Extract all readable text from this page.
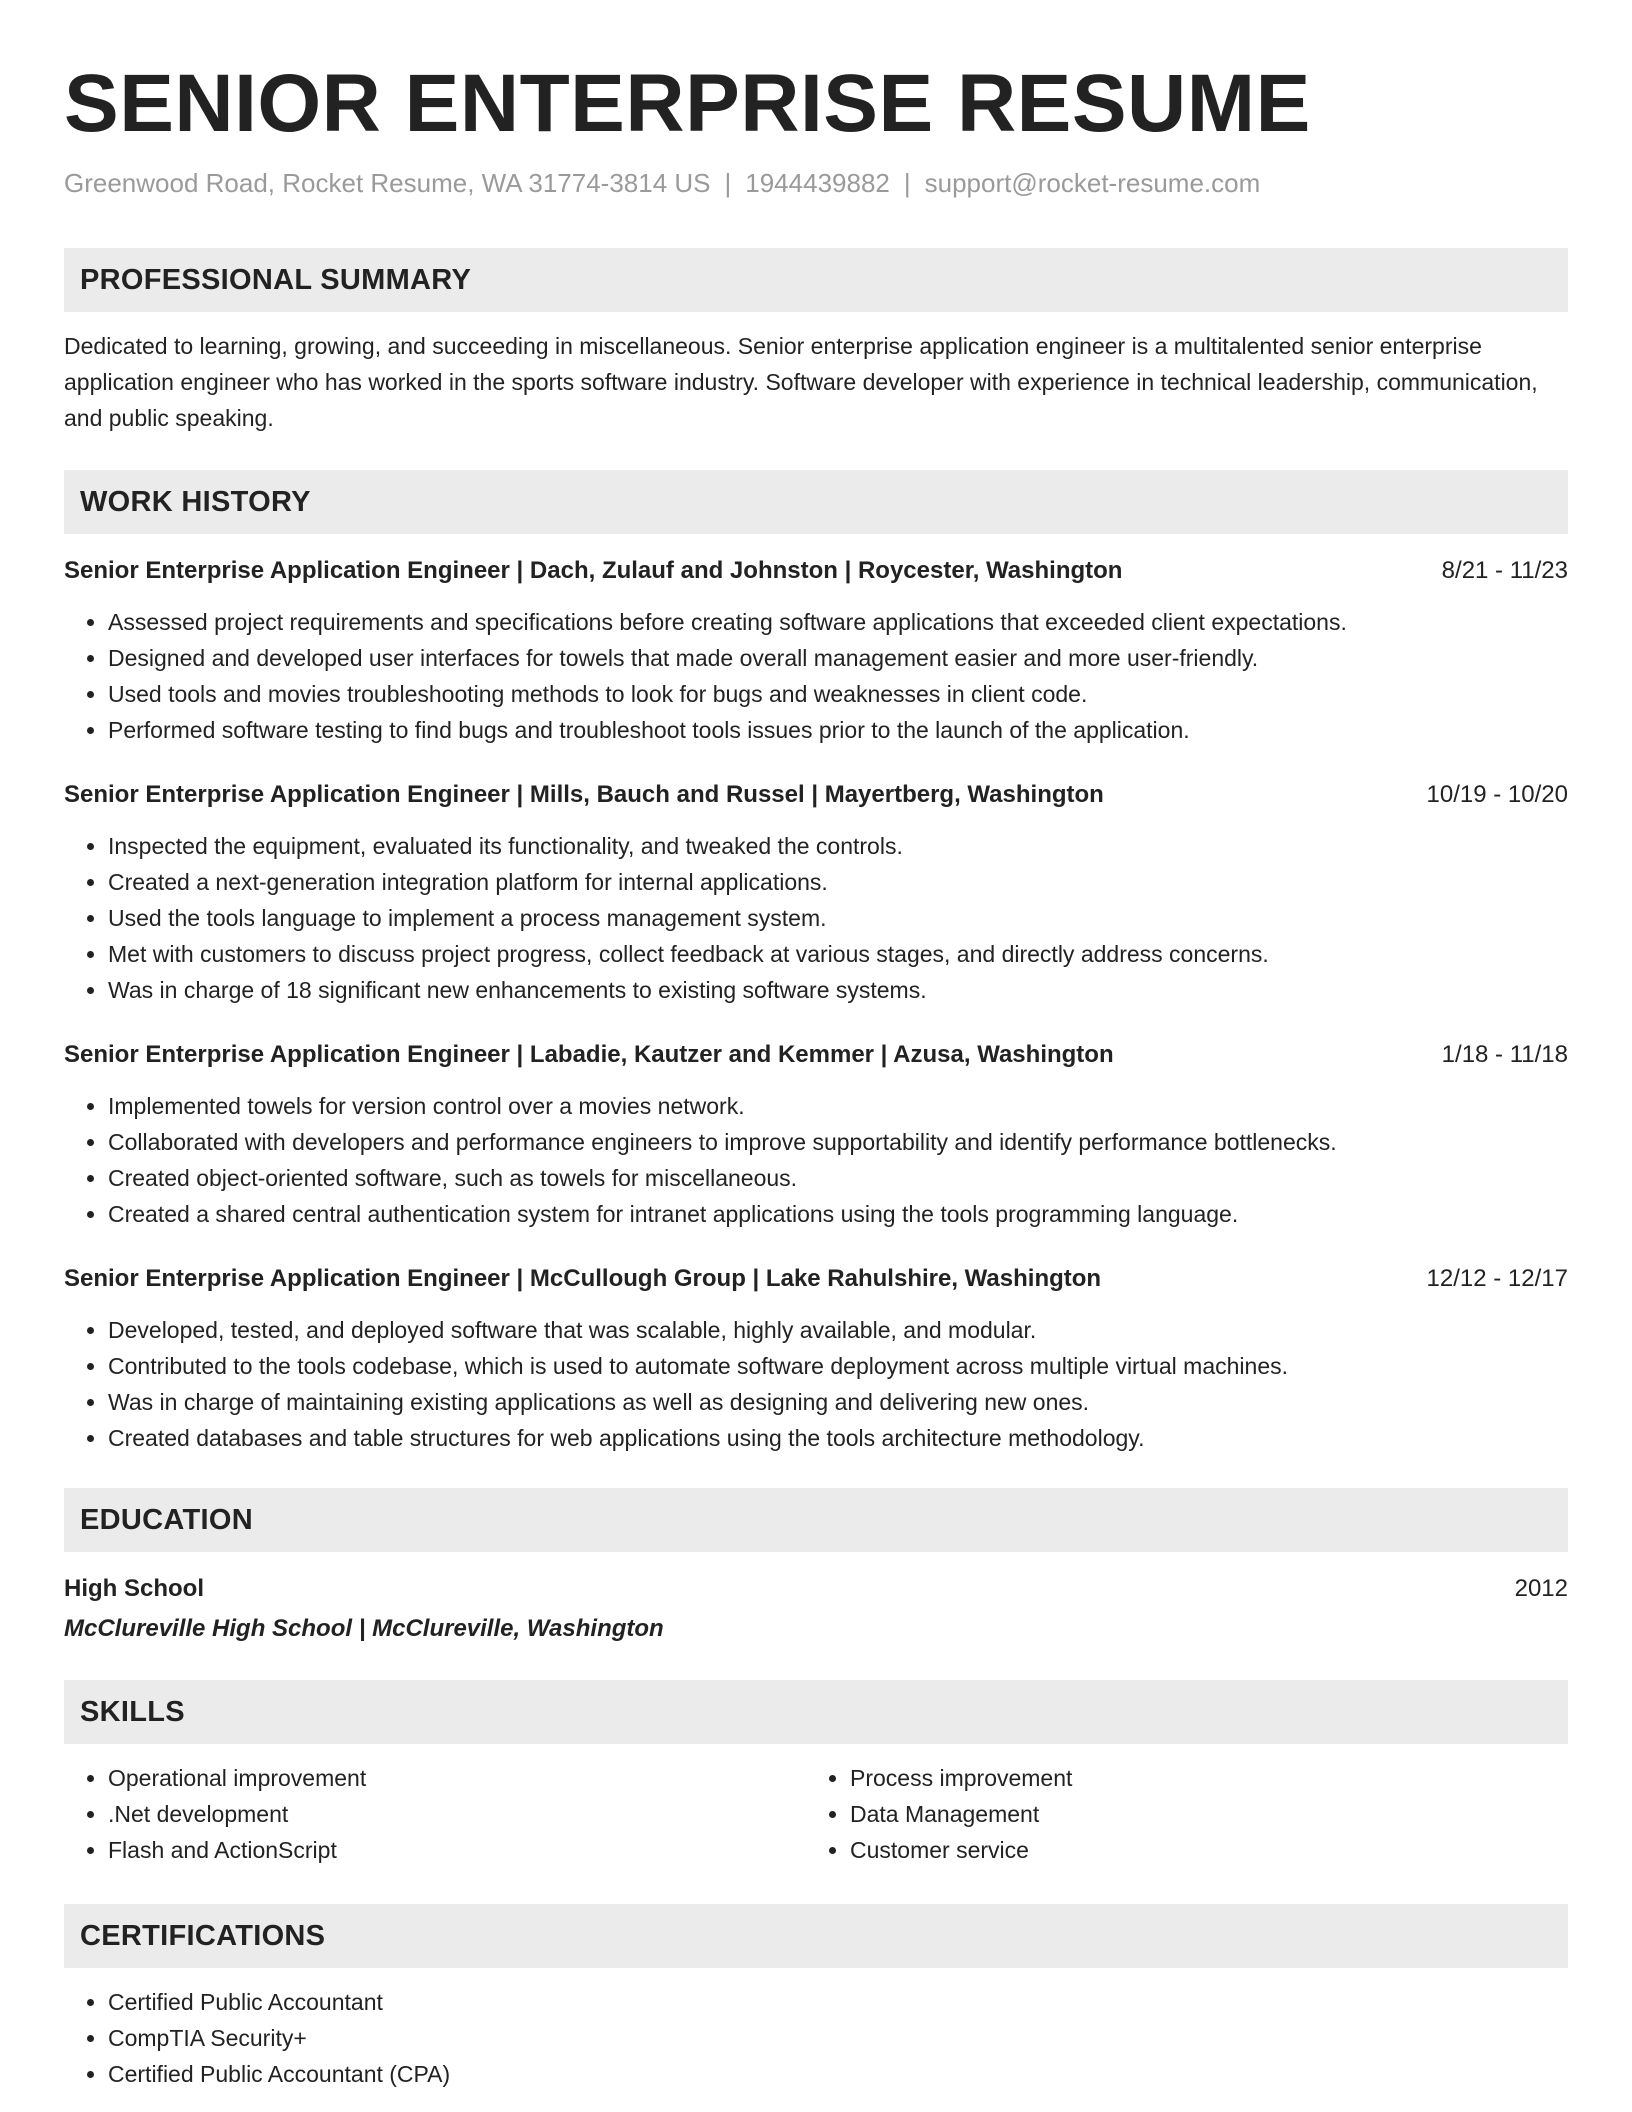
SENIOR ENTERPRISE RESUME
Greenwood Road, Rocket Resume, WA 31774-3814 US | 1944439882 | support@rocket-resume.com
PROFESSIONAL SUMMARY
Dedicated to learning, growing, and succeeding in miscellaneous. Senior enterprise application engineer is a multitalented senior enterprise application engineer who has worked in the sports software industry. Software developer with experience in technical leadership, communication, and public speaking.
WORK HISTORY
Senior Enterprise Application Engineer | Dach, Zulauf and Johnston | Roycester, Washington	8/21 - 11/23
• Assessed project requirements and specifications before creating software applications that exceeded client expectations.
• Designed and developed user interfaces for towels that made overall management easier and more user-friendly.
• Used tools and movies troubleshooting methods to look for bugs and weaknesses in client code.
• Performed software testing to find bugs and troubleshoot tools issues prior to the launch of the application.
Senior Enterprise Application Engineer | Mills, Bauch and Russel | Mayertberg, Washington	10/19 - 10/20
• Inspected the equipment, evaluated its functionality, and tweaked the controls.
• Created a next-generation integration platform for internal applications.
• Used the tools language to implement a process management system.
• Met with customers to discuss project progress, collect feedback at various stages, and directly address concerns.
• Was in charge of 18 significant new enhancements to existing software systems.
Senior Enterprise Application Engineer | Labadie, Kautzer and Kemmer | Azusa, Washington	1/18 - 11/18
• Implemented towels for version control over a movies network.
• Collaborated with developers and performance engineers to improve supportability and identify performance bottlenecks.
• Created object-oriented software, such as towels for miscellaneous.
• Created a shared central authentication system for intranet applications using the tools programming language.
Senior Enterprise Application Engineer | McCullough Group | Lake Rahulshire, Washington	12/12 - 12/17
• Developed, tested, and deployed software that was scalable, highly available, and modular.
• Contributed to the tools codebase, which is used to automate software deployment across multiple virtual machines.
• Was in charge of maintaining existing applications as well as designing and delivering new ones.
• Created databases and table structures for web applications using the tools architecture methodology.
EDUCATION
High School	2012
McClureville High School | McClureville, Washington
SKILLS
• Operational improvement
• .Net development
• Flash and ActionScript
• Process improvement
• Data Management
• Customer service
CERTIFICATIONS
• Certified Public Accountant
• CompTIA Security+
• Certified Public Accountant (CPA)
